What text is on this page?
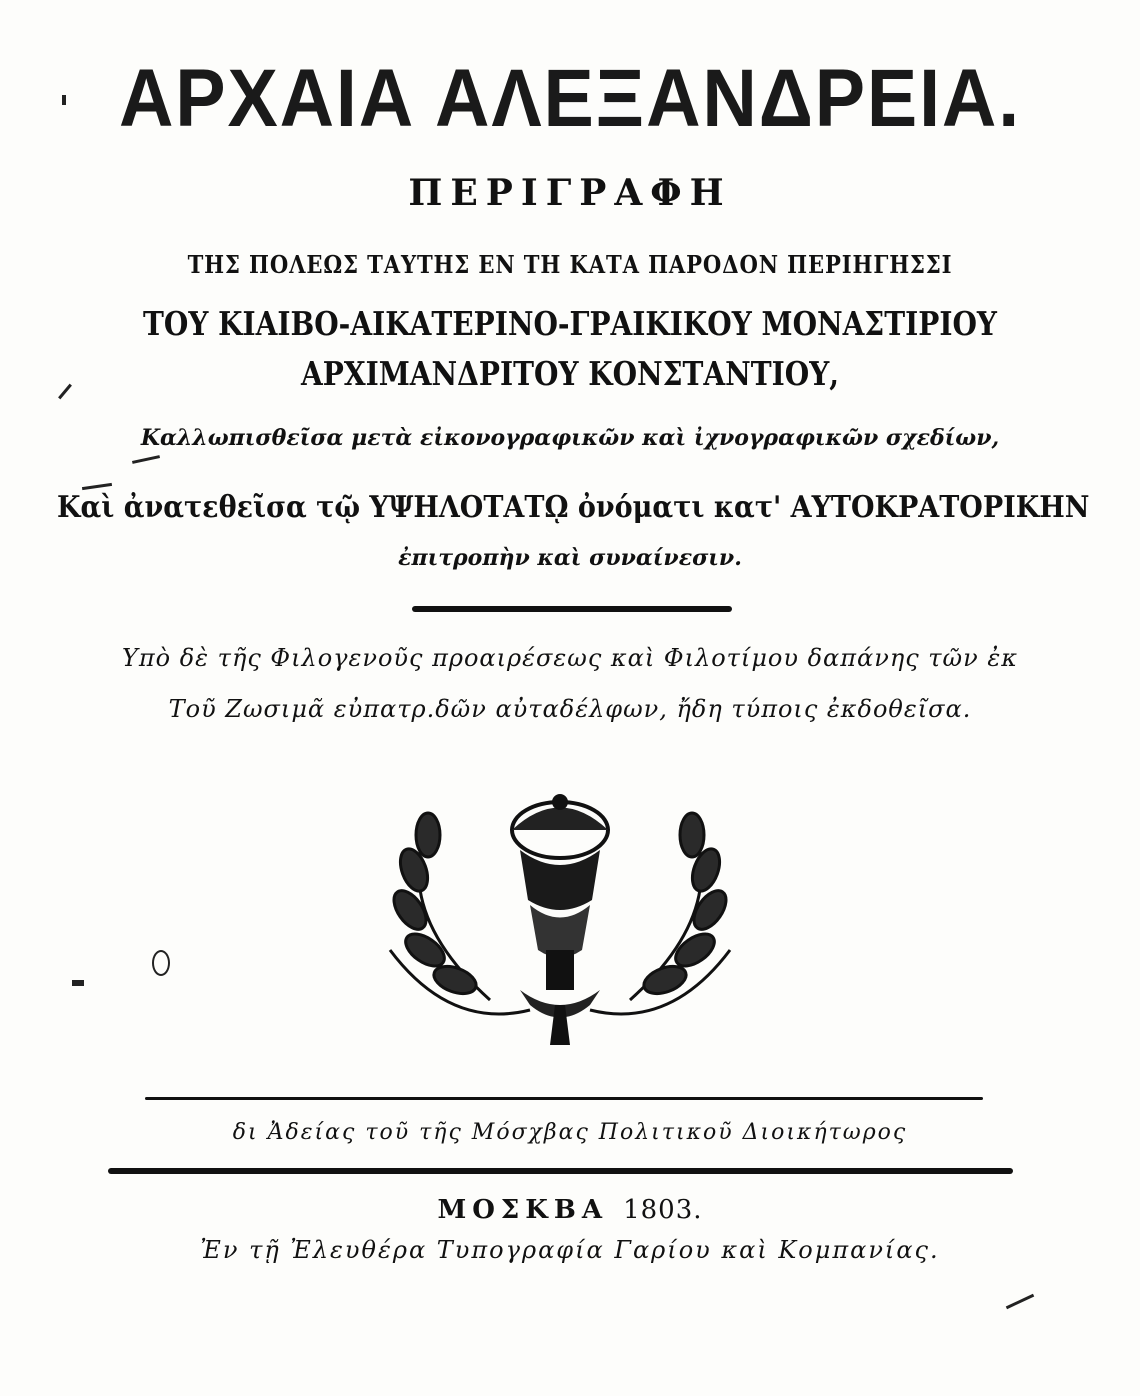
ΑΡΧΑΙΑ ΑΛΕΞΑΝΔΡΕΙΑ.
ΠΕΡΙΓΡΑΦΗ
ΤΗΣ ΠΟΛΕΩΣ ΤΑΥΤΗΣ ΕΝ ΤΗ ΚΑΤΑ ΠΑΡΟΔΟΝ ΠΕΡΙΗΓΗΣΣΙ
ΤΟΥ ΚΙΑΙΒΟ-ΑΙΚΑΤΕΡΙΝΟ-ΓΡΑΙΚΙΚΟΥ ΜΟΝΑΣΤΙΡΙΟΥ
ΑΡΧΙΜΑΝΔΡΙΤΟΥ ΚΟΝΣΤΑΝΤΙΟΥ,
Καλλωπισθεῖσα μετὰ εἰκονογραφικῶν καὶ ἰχνογραφικῶν σχεδίων,
Καὶ ἀνατεθεῖσα τῷ ΥΨΗΛΟΤΑΤῼ ὀνόματι κατ' ΑΥΤΟΚΡΑΤΟΡΙΚΗΝ
ἐπιτροπὴν καὶ συναίνεσιν.
Υπὸ δὲ τῆς Φιλογενοῦς προαιρέσεως καὶ Φιλοτίμου δαπάνης τῶν ἐκ
Τοῦ Ζωσιμᾶ εὐπατρ.δῶν αὐταδέλφων, ἤδη τύποις ἐκδοθεῖσα.
δι Ἀδείας τοῦ τῆς Μόσχβας Πολιτικοῦ Διοικήτωρος
ΜΟΣΚΒΑ 1803.
Ἐν τῇ Ἐλευθέρα Τυπογραφία Γαρίου καὶ Κομπανίας.
